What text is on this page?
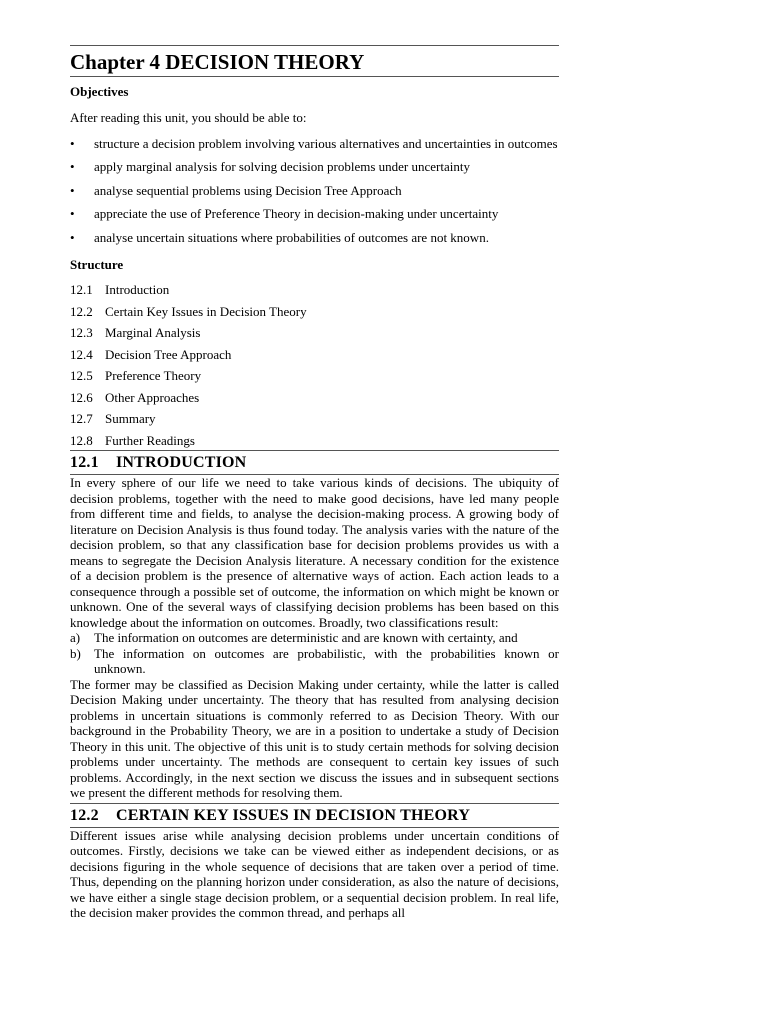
Chapter 4 DECISION THEORY
Objectives
After reading this unit, you should be able to:
• structure a decision problem involving various alternatives and uncertainties in outcomes
• apply marginal analysis for solving decision problems under uncertainty
• analyse sequential problems using Decision Tree Approach
• appreciate the use of Preference Theory in decision-making under uncertainty
• analyse uncertain situations where probabilities of outcomes are not known.
Structure
12.1 Introduction
12.2 Certain Key Issues in Decision Theory
12.3 Marginal Analysis
12.4 Decision Tree Approach
12.5 Preference Theory
12.6 Other Approaches
12.7 Summary
12.8 Further Readings
12.1 INTRODUCTION
In every sphere of our life we need to take various kinds of decisions. The ubiquity of decision problems, together with the need to make good decisions, have led many people from different time and fields, to analyse the decision-making process. A growing body of literature on Decision Analysis is thus found today. The analysis varies with the nature of the decision problem, so that any classification base for decision problems provides us with a means to segregate the Decision Analysis literature. A necessary condition for the existence of a decision problem is the presence of alternative ways of action. Each action leads to a consequence through a possible set of outcome, the information on which might be known or unknown. One of the several ways of classifying decision problems has been based on this knowledge about the information on outcomes. Broadly, two classifications result:
a) The information on outcomes are deterministic and are known with certainty, and
b) The information on outcomes are probabilistic, with the probabilities known or unknown.
The former may be classified as Decision Making under certainty, while the latter is called Decision Making under uncertainty. The theory that has resulted from analysing decision problems in uncertain situations is commonly referred to as Decision Theory. With our background in the Probability Theory, we are in a position to undertake a study of Decision Theory in this unit. The objective of this unit is to study certain methods for solving decision problems under uncertainty. The methods are consequent to certain key issues of such problems. Accordingly, in the next section we discuss the issues and in subsequent sections we present the different methods for resolving them.
12.2 CERTAIN KEY ISSUES IN DECISION THEORY
Different issues arise while analysing decision problems under uncertain conditions of outcomes. Firstly, decisions we take can be viewed either as independent decisions, or as decisions figuring in the whole sequence of decisions that are taken over a period of time. Thus, depending on the planning horizon under consideration, as also the nature of decisions, we have either a single stage decision problem, or a sequential decision problem. In real life, the decision maker provides the common thread, and perhaps all
